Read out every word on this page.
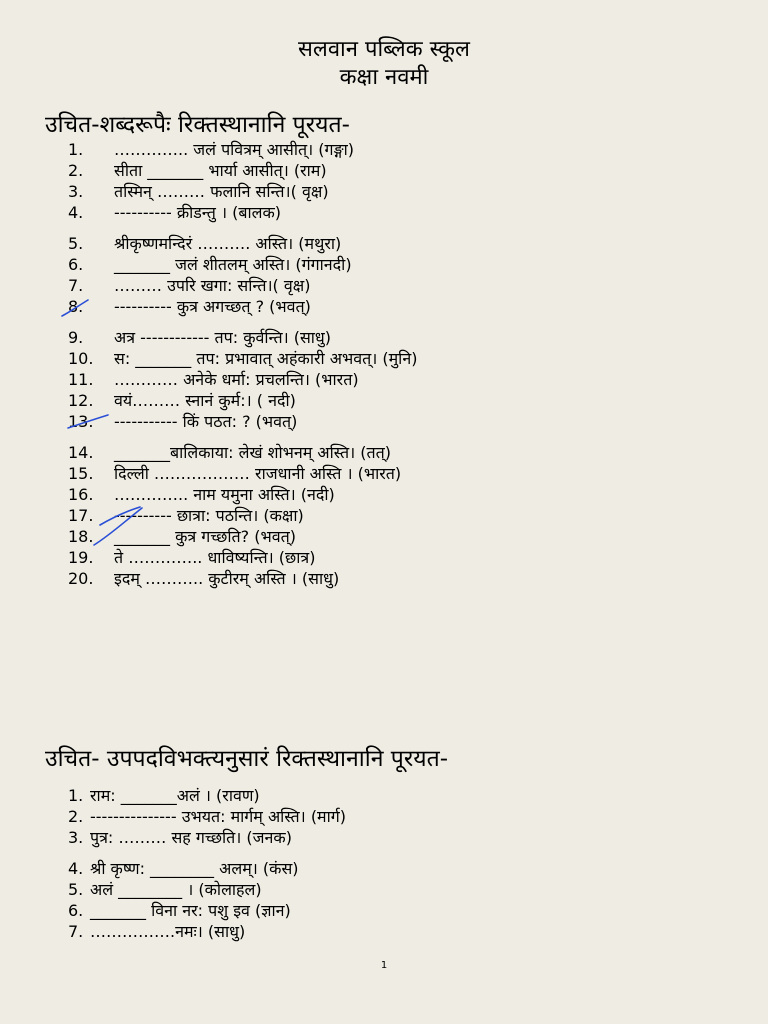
सलवान पब्लिक स्कूल
कक्षा नवमी
उचित-शब्दरूपैः रिक्तस्थानानि पूरयत-
1. ………….. जलं पवित्रम् आसीत्। (गङ्गा)
2. सीता _______ भार्या आसीत्। (राम)
3. तस्मिन् ……… फलानि सन्ति।( वृक्ष)
4. ---------- क्रीडन्तु । (बालक)
5. श्रीकृष्णमन्दिरं ………. अस्ति। (मथुरा)
6. _______ जलं शीतलम् अस्ति। (गंगानदी)
7. ……… उपरि खगा: सन्ति।( वृक्ष)
8. ---------- कुत्र अगच्छत् ? (भवत्)
9. अत्र ------------ तप: कुर्वन्ति। (साधु)
10. स: _______ तप: प्रभावात् अहंकारी अभवत्। (मुनि)
11. ………… अनेके धर्मा: प्रचलन्ति। (भारत)
12. वयं……… स्नानं कुर्म:। ( नदी)
13. ----------- किं पठत: ? (भवत्)
14. _______बालिकाया: लेखं शोभनम् अस्ति। (तत्)
15. दिल्ली ……………… राजधानी अस्ति । (भारत)
16. ………….. नाम यमुना अस्ति। (नदी)
17. ---------- छात्रा: पठन्ति। (कक्षा)
18. _______ कुत्र गच्छति? (भवत्)
19. ते ………….. धाविष्यन्ति। (छात्र)
20. इदम् ……….. कुटीरम् अस्ति । (साधु)
उचित- उपपदविभक्त्यनुसारं रिक्तस्थानानि पूरयत-
1. राम: _______अलं । (रावण)
2. --------------- उभयत: मार्गम् अस्ति। (मार्ग)
3. पुत्र: ……… सह गच्छति। (जनक)
4. श्री कृष्ण: ________ अलम्। (कंस)
5. अलं ________ । (कोलाहल)
6. _______ विना नर: पशु इव (ज्ञान)
7. …………….नमः। (साधु)
1
